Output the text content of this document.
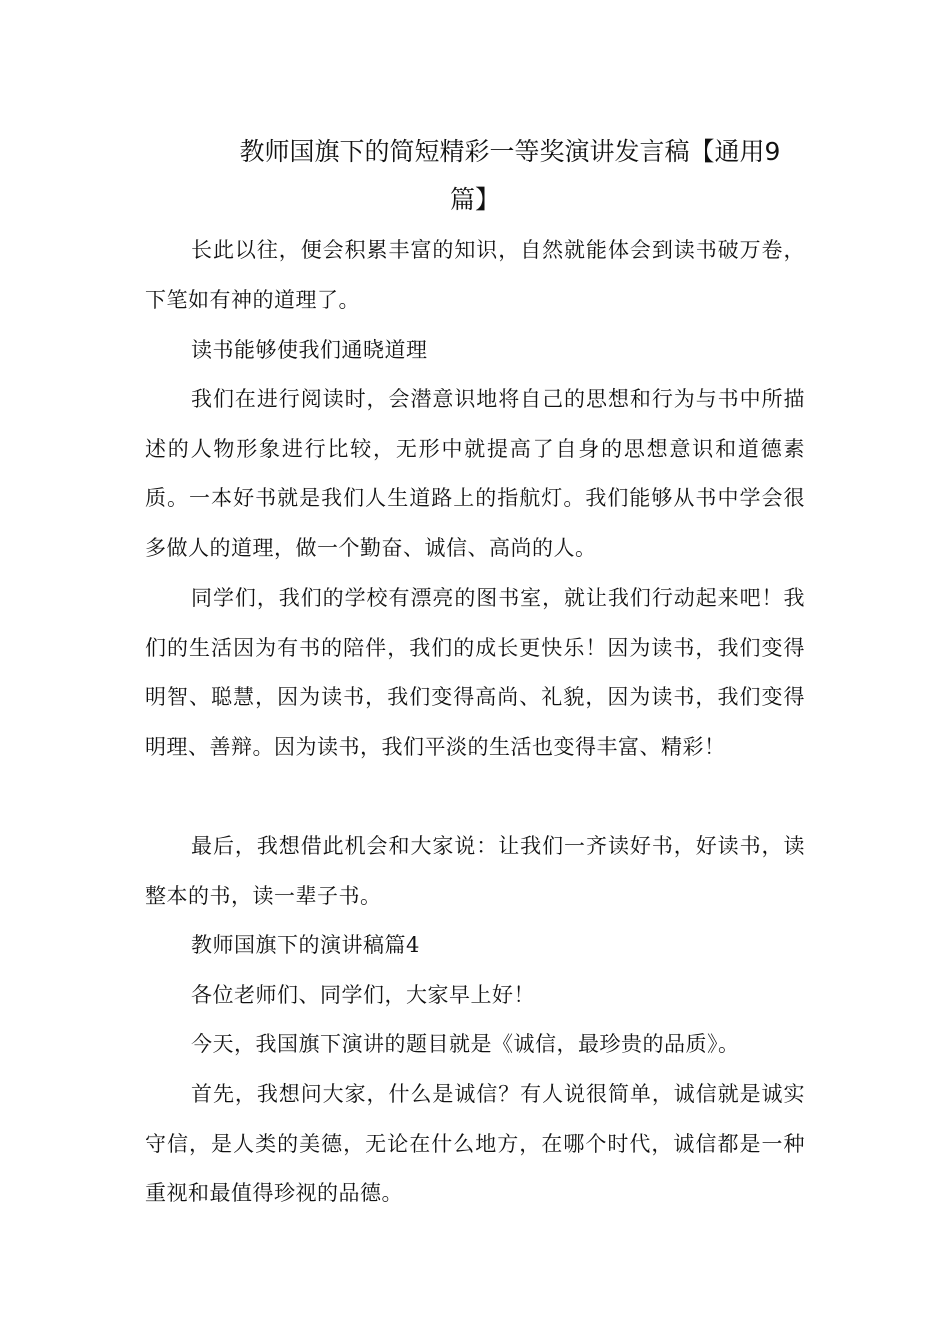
教师国旗下的简短精彩一等奖演讲发言稿【通用9
篇】

长此以往，便会积累丰富的知识，自然就能体会到读书破万卷，下笔如有神的道理了。

读书能够使我们通晓道理

我们在进行阅读时，会潜意识地将自己的思想和行为与书中所描述的人物形象进行比较，无形中就提高了自身的思想意识和道德素质。一本好书就是我们人生道路上的指航灯。我们能够从书中学会很多做人的道理，做一个勤奋、诚信、高尚的人。

同学们，我们的学校有漂亮的图书室，就让我们行动起来吧！我们的生活因为有书的陪伴，我们的成长更快乐！因为读书，我们变得明智、聪慧，因为读书，我们变得高尚、礼貌，因为读书，我们变得明理、善辩。因为读书，我们平淡的生活也变得丰富、精彩！

最后，我想借此机会和大家说：让我们一齐读好书，好读书，读整本的书，读一辈子书。

教师国旗下的演讲稿篇4

各位老师们、同学们，大家早上好！

今天，我国旗下演讲的题目就是《诚信，最珍贵的品质》。

首先，我想问大家，什么是诚信？有人说很简单，诚信就是诚实守信，是人类的美德，无论在什么地方，在哪个时代，诚信都是一种重视和最值得珍视的品德。
